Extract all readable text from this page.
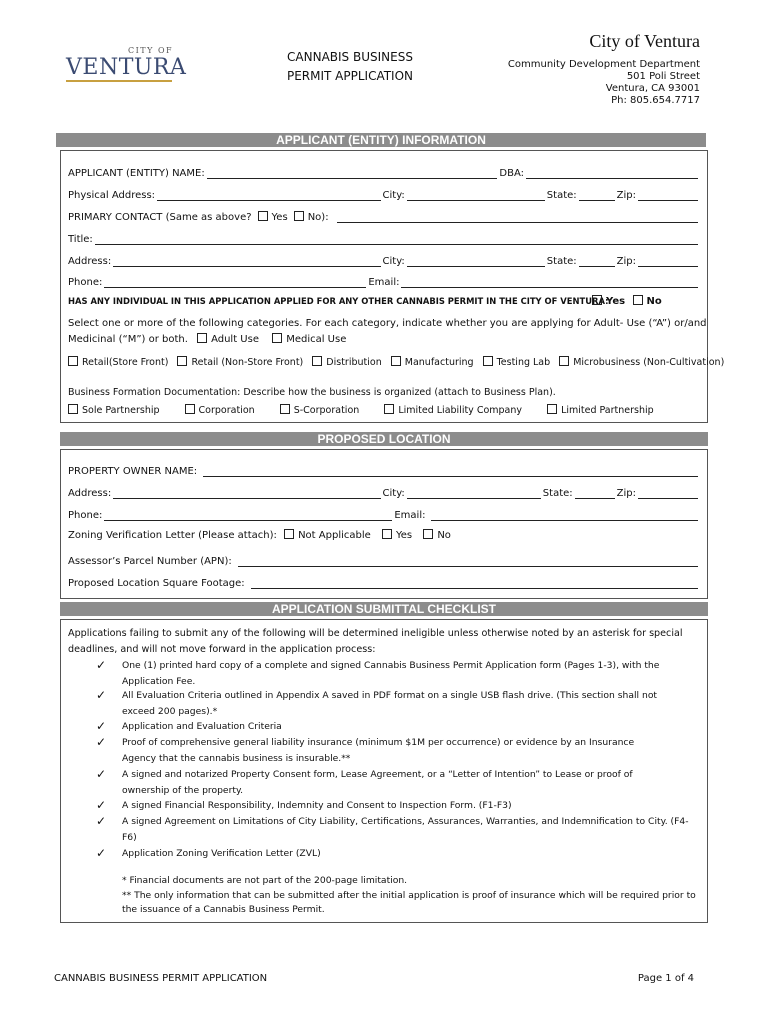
CITY OF
VENTURA	CANNABIS BUSINESS
PERMIT APPLICATION
City of Ventura
Community Development Department
501 Poli Street
Ventura, CA 93001
Ph: 805.654.7717
APPLICANT (ENTITY) INFORMATION
APPLICANT (ENTITY) NAME:	DBA:
Physical Address:	City:	State:	Zip:
PRIMARY CONTACT (Same as above?	Yes	No):
Title:
Address:	City:	State:	Zip:
Phone:	Email:
HAS ANY INDIVIDUAL IN THIS APPLICATION APPLIED FOR ANY OTHER CANNABIS PERMIT IN THE CITY OF VENTURA:
Yes No
Select one or more of the following categories. For each category, indicate whether you are applying for Adult- Use (“A”) or/and
Medicinal (“M”) or both. Adult Use	Medical Use
Retail(Store Front) Retail (Non-Store Front) Distribution Manufacturing Testing Lab Microbusiness (Non-Cultivation)
Business Formation Documentation: Describe how the business is organized (attach to Business Plan).
Sole Partnership	Corporation	S-Corporation	Limited Liability Company	Limited Partnership
PROPOSED LOCATION
PROPERTY OWNER NAME:
Address:	City:	State:	Zip:
Phone:	Email:
Zoning Verification Letter (Please attach): Not Applicable	Yes	No
Assessor’s Parcel Number (APN):
Proposed Location Square Footage:
APPLICATION SUBMITTAL CHECKLIST
Applications failing to submit any of the following will be determined ineligible unless otherwise noted by an asterisk for special
deadlines, and will not move forward in the application process:
✓ One (1) printed hard copy of a complete and signed Cannabis Business Permit Application form (Pages 1-3), with the
Application Fee.
✓ All Evaluation Criteria outlined in Appendix A saved in PDF format on a single USB flash drive. (This section shall not
exceed 200 pages).*
✓ Application and Evaluation Criteria
✓ Proof of comprehensive general liability insurance (minimum $1M per occurrence) or evidence by an Insurance
Agency that the cannabis business is insurable.**
✓ A signed and notarized Property Consent form, Lease Agreement, or a “Letter of Intention” to Lease or proof of
ownership of the property.
✓ A signed Financial Responsibility, Indemnity and Consent to Inspection Form. (F1-F3)
✓ A signed Agreement on Limitations of City Liability, Certifications, Assurances, Warranties, and Indemnification to City. (F4-
F6)
✓ Application Zoning Verification Letter (ZVL)
* Financial documents are not part of the 200-page limitation.
** The only information that can be submitted after the initial application is proof of insurance which will be required prior to
the issuance of a Cannabis Business Permit.
CANNABIS BUSINESS PERMIT APPLICATION	Page 1 of 4
